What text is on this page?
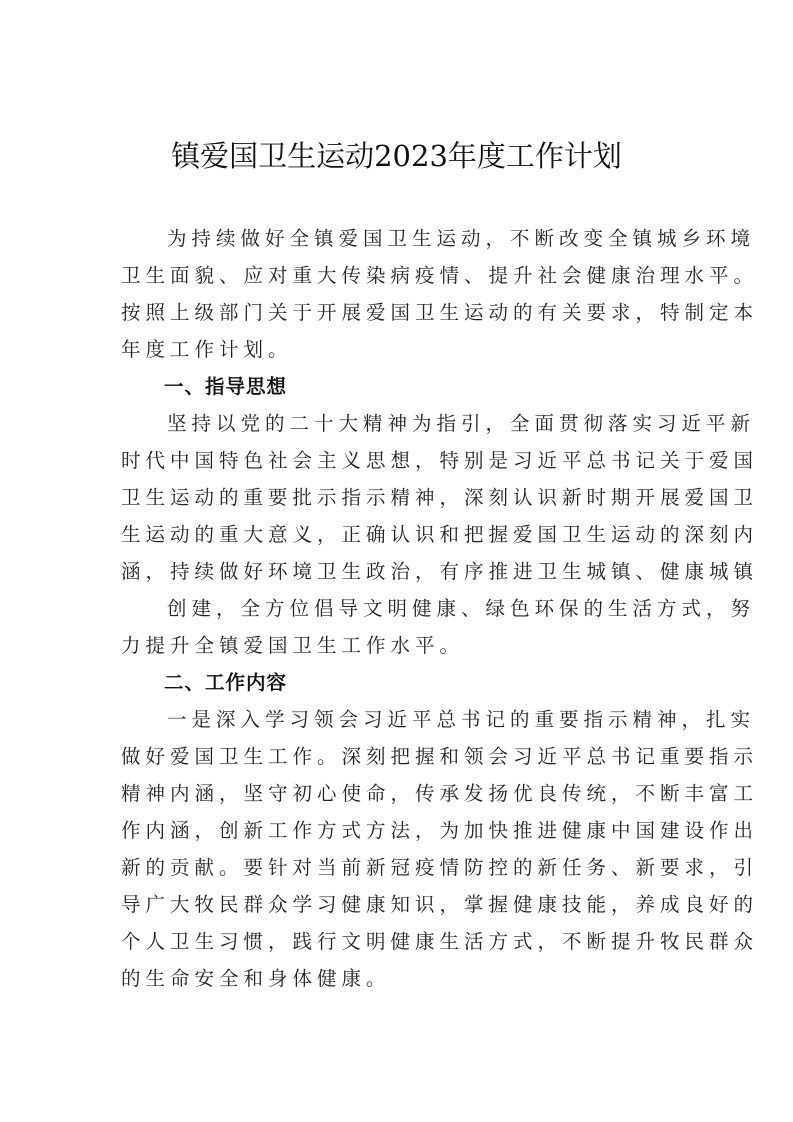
镇爱国卫生运动2023年度工作计划
为持续做好全镇爱国卫生运动，不断改变全镇城乡环境
卫生面貌、应对重大传染病疫情、提升社会健康治理水平。
按照上级部门关于开展爱国卫生运动的有关要求，特制定本
年度工作计划。
一、指导思想
坚持以党的二十大精神为指引，全面贯彻落实习近平新
时代中国特色社会主义思想，特别是习近平总书记关于爱国
卫生运动的重要批示指示精神，深刻认识新时期开展爱国卫
生运动的重大意义，正确认识和把握爱国卫生运动的深刻内
涵，持续做好环境卫生政治，有序推进卫生城镇、健康城镇
创建，全方位倡导文明健康、绿色环保的生活方式，努
力提升全镇爱国卫生工作水平。
二、工作内容
一是深入学习领会习近平总书记的重要指示精神，扎实
做好爱国卫生工作。深刻把握和领会习近平总书记重要指示
精神内涵，坚守初心使命，传承发扬优良传统，不断丰富工
作内涵，创新工作方式方法，为加快推进健康中国建设作出
新的贡献。要针对当前新冠疫情防控的新任务、新要求，引
导广大牧民群众学习健康知识，掌握健康技能，养成良好的
个人卫生习惯，践行文明健康生活方式，不断提升牧民群众
的生命安全和身体健康。
